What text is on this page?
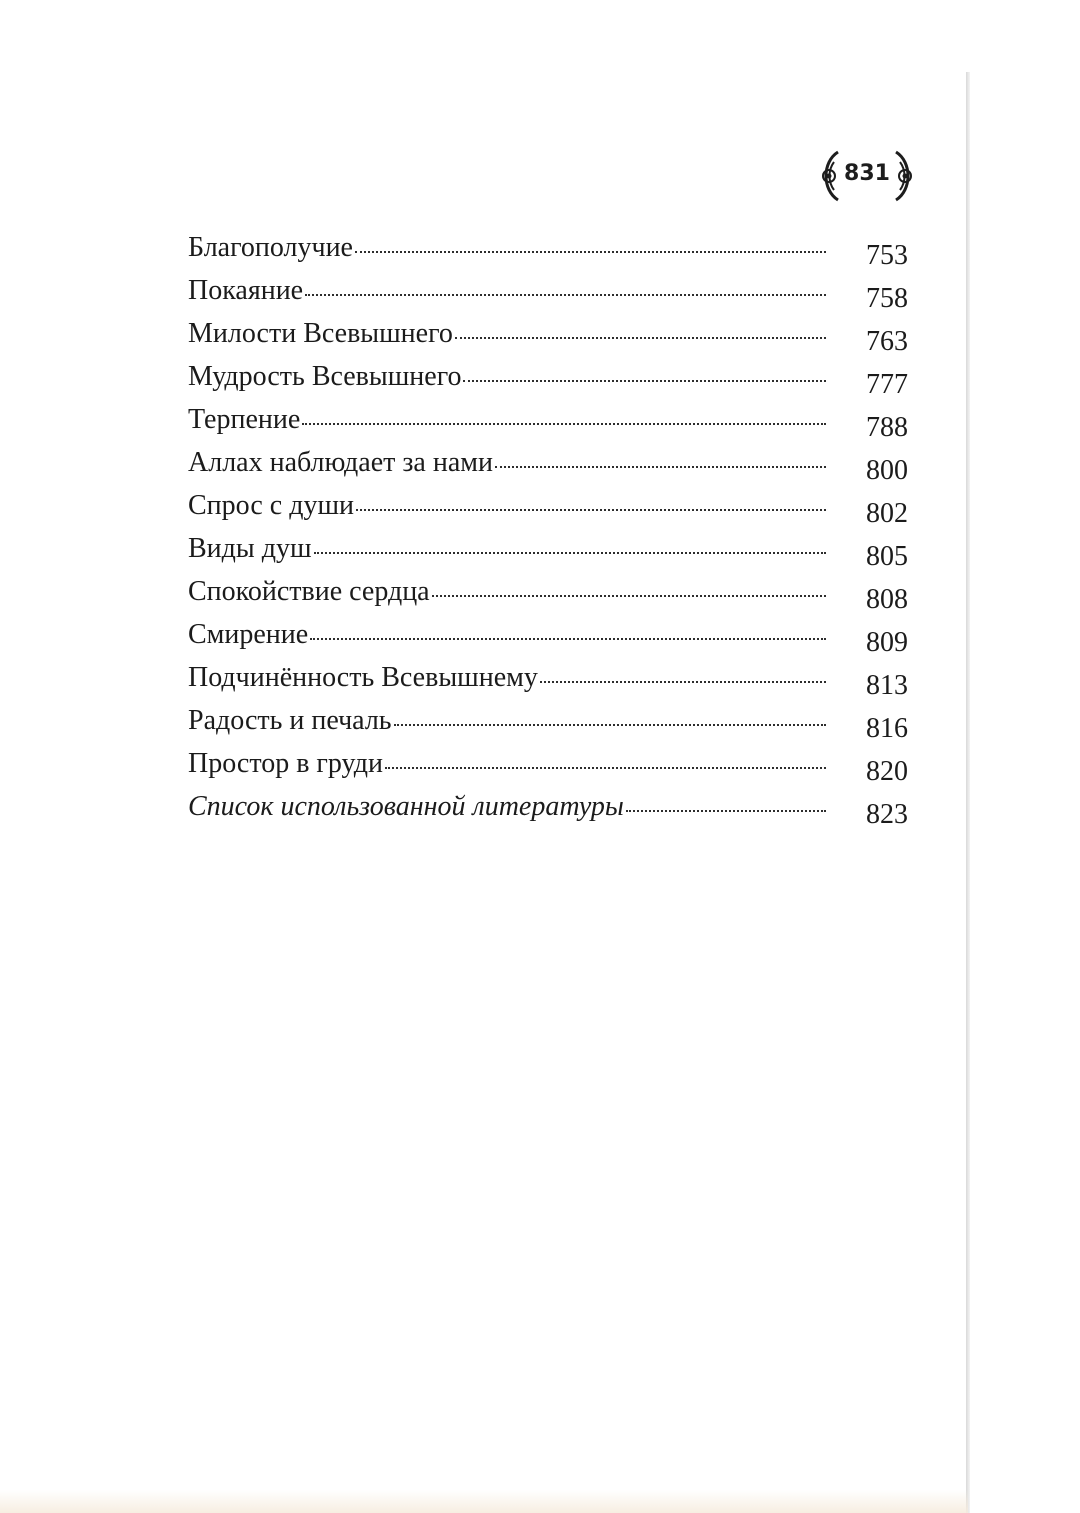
831
Благополучие	753
Покаяние	758
Милости Всевышнего	763
Мудрость Всевышнего	777
Терпение	788
Аллах наблюдает за нами	800
Спрос с души	802
Виды душ	805
Спокойствие сердца	808
Смирение	809
Подчинённость Всевышнему	813
Радость и печаль	816
Простор в груди	820
Список использованной литературы	823
